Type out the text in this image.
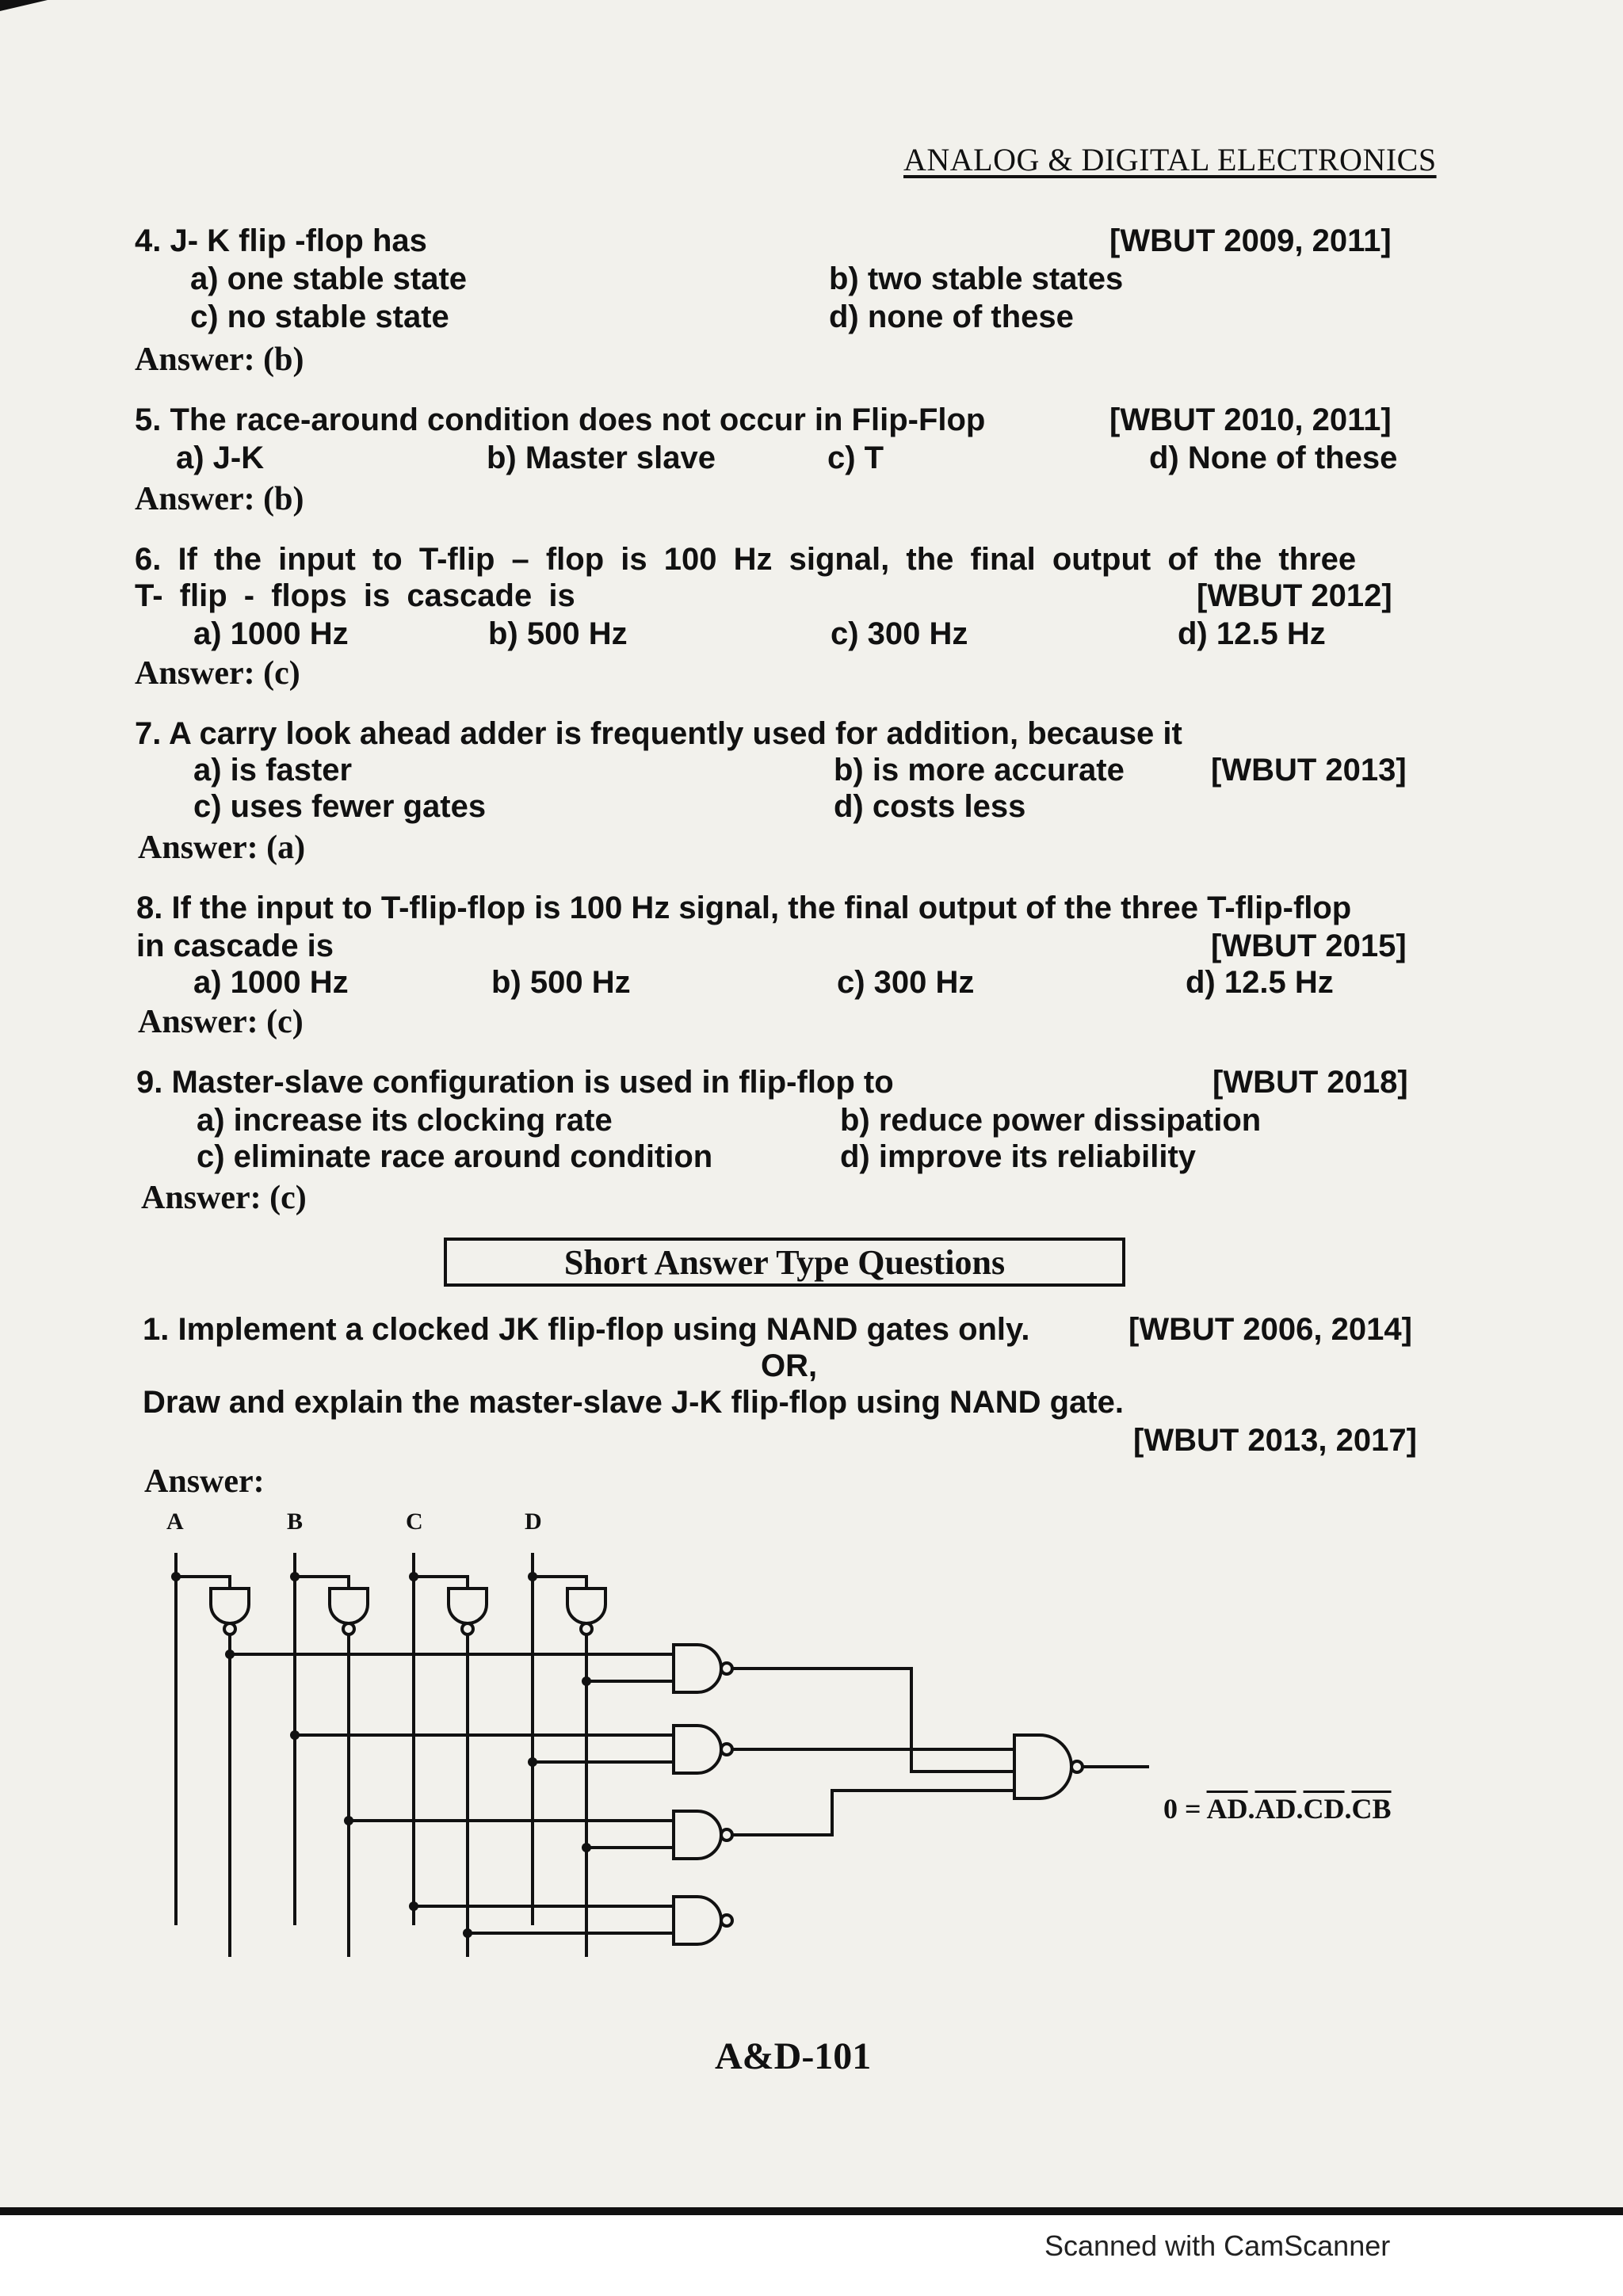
ANALOG & DIGITAL ELECTRONICS
4. J- K flip -flop has	[WBUT 2009, 2011]
a) one stable state	b) two stable states
c) no stable state	d) none of these
Answer: (b)
5. The race-around condition does not occur in Flip-Flop	[WBUT 2010, 2011]
a) J-K	b) Master slave	c) T	d) None of these
Answer: (b)
6. If the input to T-flip – flop is 100 Hz signal, the final output of the three
T- flip - flops is cascade is	[WBUT 2012]
a) 1000 Hz	b) 500 Hz	c) 300 Hz	d) 12.5 Hz
Answer: (c)
7. A carry look ahead adder is frequently used for addition, because it
a) is faster	b) is more accurate	[WBUT 2013]
c) uses fewer gates	d) costs less
Answer: (a)
8. If the input to T-flip-flop is 100 Hz signal, the final output of the three T-flip-flop
in cascade is	[WBUT 2015]
a) 1000 Hz	b) 500 Hz	c) 300 Hz	d) 12.5 Hz
Answer: (c)
9. Master-slave configuration is used in flip-flop to	[WBUT 2018]
a) increase its clocking rate	b) reduce power dissipation
c) eliminate race around condition	d) improve its reliability
Answer: (c)
Short Answer Type Questions
1. Implement a clocked JK flip-flop using NAND gates only.	[WBUT 2006, 2014]
OR,
Draw and explain the master-slave J-K flip-flop using NAND gate.
[WBUT 2013, 2017]
Answer:
A	B	C	D
$0 = \overline{AD}.\overline{AD}.\overline{CD}.\overline{CB}$
A&D-101
Scanned with CamScanner
